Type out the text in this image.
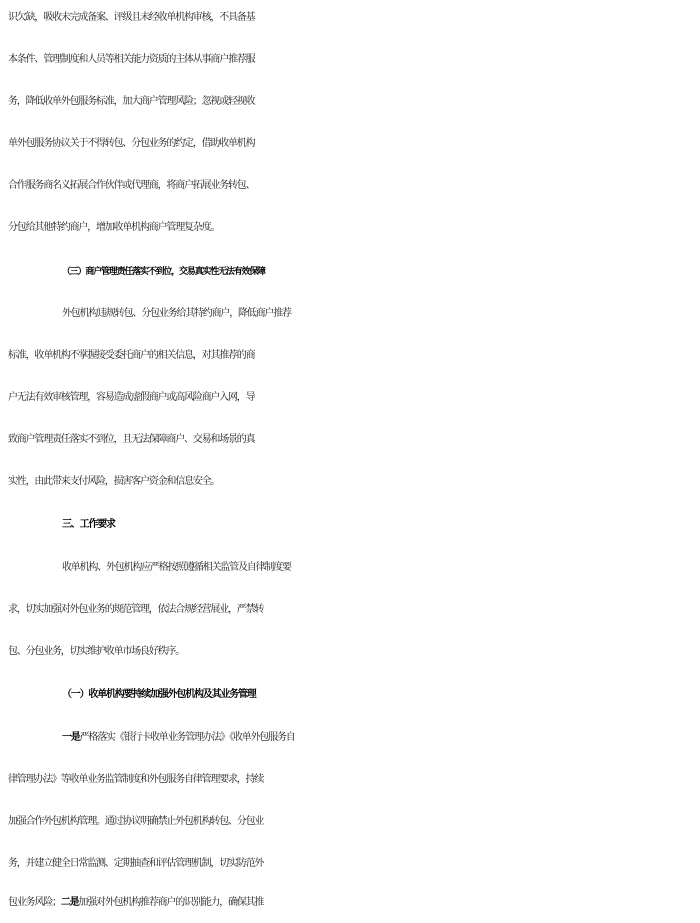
识欠缺，吸收未完成备案、评级且未经收单机构审核，不具备基
本条件、管理制度和人员等相关能力资质的主体从事商户推荐服
务，降低收单外包服务标准，加大商户管理风险；忽视或轻视收
单外包服务协议关于不得转包、分包业务的约定，借助收单机构
合作服务商名义拓展合作伙伴或代理商，将商户拓展业务转包、
分包给其他特约商户，增加收单机构商户管理复杂度。
（三）商户管理责任落实不到位，交易真实性无法有效保障
外包机构违规转包、分包业务给其特约商户，降低商户推荐
标准，收单机构不掌握接受委托商户的相关信息，对其推荐的商
户无法有效审核管理，容易造成虚假商户或高风险商户入网，导
致商户管理责任落实不到位，且无法保障商户、交易和场景的真
实性，由此带来支付风险，损害客户资金和信息安全。
三、工作要求
收单机构、外包机构应严格按照遵循相关监管及自律制度要
求，切实加强对外包业务的规范管理，依法合规经营展业，严禁转
包、分包业务，切实维护收单市场良好秩序。
（一）收单机构要持续加强外包机构及其业务管理
一是严格落实《银行卡收单业务管理办法》《收单外包服务自
律管理办法》等收单业务监管制度和外包服务自律管理要求，持续
加强合作外包机构管理。通过协议明确禁止外包机构转包、分包业
务，并建立健全日常监测、定期抽查和评估管理机制，切实防范外
包业务风险；二是加强对外包机构推荐商户的识别能力，确保其推
